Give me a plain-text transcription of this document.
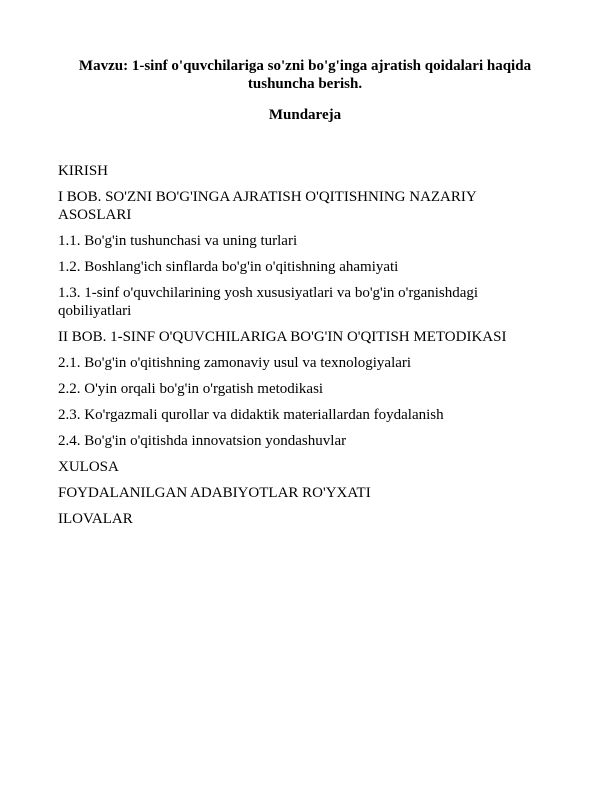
Mavzu: 1-sinf o'quvchilariga so'zni bo'g'inga ajratish qoidalari haqida tushuncha berish.
Mundareja
KIRISH
I BOB. SO'ZNI BO'G'INGA AJRATISH O'QITISHNING NAZARIY ASOSLARI
1.1. Bo'g'in tushunchasi va uning turlari
1.2. Boshlang'ich sinflarda bo'g'in o'qitishning ahamiyati
1.3. 1-sinf o'quvchilarining yosh xususiyatlari va bo'g'in o'rganishdagi qobiliyatlari
II BOB. 1-SINF O'QUVCHILARIGA BO'G'IN O'QITISH METODIKASI
2.1. Bo'g'in o'qitishning zamonaviy usul va texnologiyalari
2.2. O'yin orqali bo'g'in o'rgatish metodikasi
2.3. Ko'rgazmali qurollar va didaktik materiallardan foydalanish
2.4. Bo'g'in o'qitishda innovatsion yondashuvlar
XULOSA
FOYDALANILGAN ADABIYOTLAR RO'YXATI
ILOVALAR
